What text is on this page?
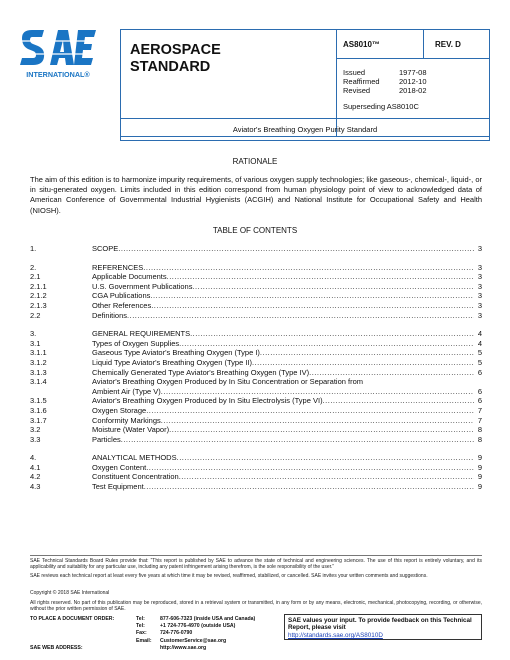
INTERNATIONAL®
AEROSPACE
STANDARD
AS8010™	REV. D
Issued	1977-08
Reaffirmed	2012-10
Revised	2018-02
Superseding AS8010C
Aviator's Breathing Oxygen Purity Standard
RATIONALE
The aim of this edition is to harmonize impurity requirements, of various oxygen supply technologies; like gaseous-, chemical-, liquid-, or in situ-generated oxygen. Limits included in this edition correspond from human physiology point of view to acknowledged data of American Conference of Governmental Industrial Hygienists (ACGIH) and National Institute for Occupational Safety and Health (NIOSH).
TABLE OF CONTENTS
1.	SCOPE .....	3
2.	REFERENCES .....	3
2.1	Applicable Documents .....	3
2.1.1	U.S. Government Publications .....	3
2.1.2	CGA Publications .....	3
2.1.3	Other References .....	3
2.2	Definitions .....	3
3.	GENERAL REQUIREMENTS .....	4
3.1	Types of Oxygen Supplies .....	4
3.1.1	Gaseous Type Aviator's Breathing Oxygen (Type I) .....	5
3.1.2	Liquid Type Aviator's Breathing Oxygen (Type II) .....	5
3.1.3	Chemically Generated Type Aviator's Breathing Oxygen (Type IV) .....	6
3.1.4	Aviator's Breathing Oxygen Produced by In Situ Concentration or Separation from
Ambient Air (Type V) .....	6
3.1.5	Aviator's Breathing Oxygen Produced by In Situ Electrolysis (Type VI) .....	6
3.1.6	Oxygen Storage .....	7
3.1.7	Conformity Markings .....	7
3.2	Moisture (Water Vapor) .....	8
3.3	Particles .....	8
4.	ANALYTICAL METHODS .....	9
4.1	Oxygen Content .....	9
4.2	Constituent Concentration .....	9
4.3	Test Equipment .....	9
SAE Technical Standards Board Rules provide that: “This report is published by SAE to advance the state of technical and engineering sciences. The use of this report is entirely voluntary, and its applicability and suitability for any particular use, including any patent infringement arising therefrom, is the sole responsibility of the user.”
SAE reviews each technical report at least every five years at which time it may be revised, reaffirmed, stabilized, or cancelled. SAE invites your written comments and suggestions.
Copyright © 2018 SAE International
All rights reserved. No part of this publication may be reproduced, stored in a retrieval system or transmitted, in any form or by any means, electronic, mechanical, photocopying, recording, or otherwise, without the prior written permission of SAE.
TO PLACE A DOCUMENT ORDER:	Tel:	877-606-7323 (inside USA and Canada)
Tel:	+1 724-776-4970 (outside USA)
Fax:	724-776-0790
Email: CustomerService@sae.org
SAE WEB ADDRESS:	http://www.sae.org
SAE values your input. To provide feedback on this Technical Report, please visit
http://standards.sae.org/AS8010D
